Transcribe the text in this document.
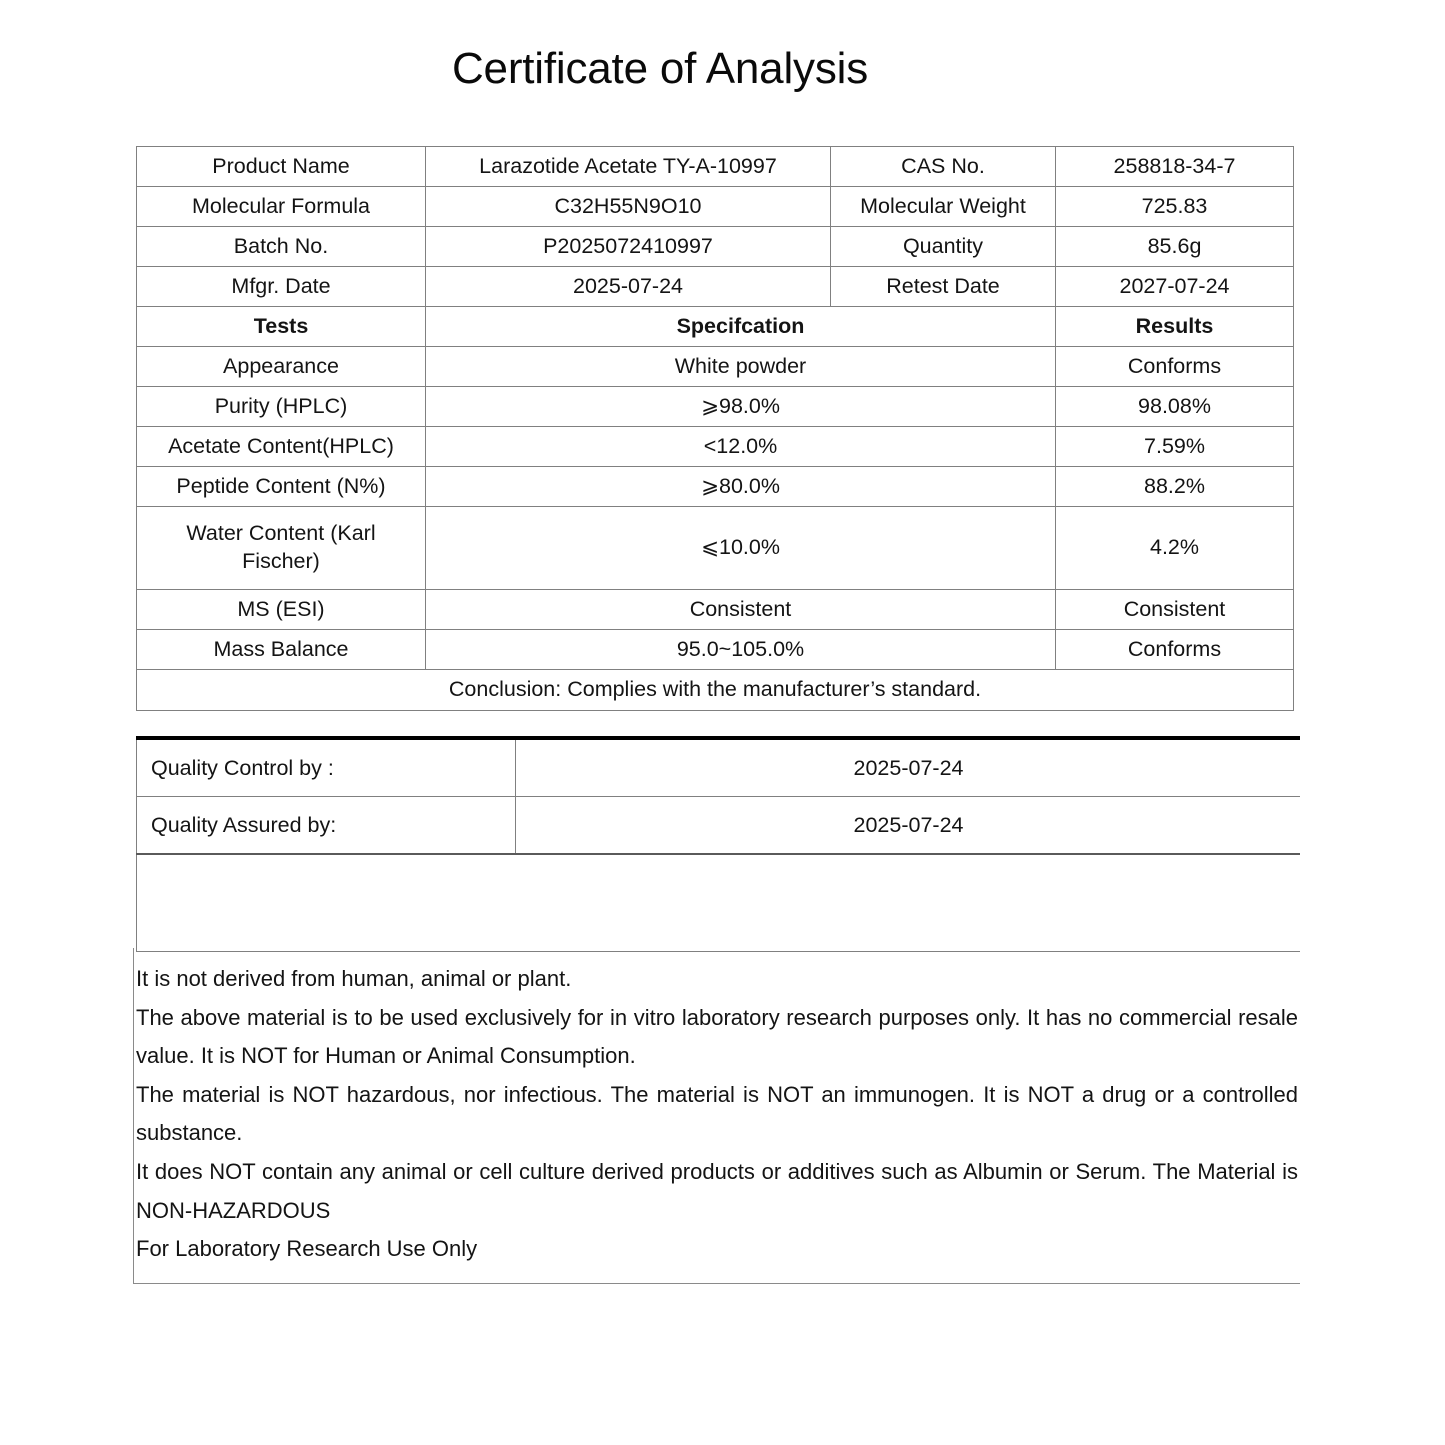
Certificate of Analysis
Product Name	Larazotide Acetate TY-A-10997	CAS No.	258818-34-7
Molecular Formula	C32H55N9O10	Molecular Weight	725.83
Batch No.	P2025072410997	Quantity	85.6g
Mfgr. Date	2025-07-24	Retest Date	2027-07-24
Tests	Specifcation		Results
Appearance	White powder		Conforms
Purity (HPLC)	⩾98.0%		98.08%
Acetate Content(HPLC)	<12.0%		7.59%
Peptide Content (N%)	⩾80.0%		88.2%
Water Content (Karl Fischer)	⩽10.0%		4.2%
MS (ESI)	Consistent		Consistent
Mass Balance	95.0~105.0%		Conforms
Conclusion: Complies with the manufacturer’s standard.			
Quality Control by :	2025-07-24
Quality Assured by:	2025-07-24

It is not derived from human, animal or plant.

The above material is to be used exclusively for in vitro laboratory research purposes only. It has no commercial resale value. It is NOT for Human or Animal Consumption.

The material is NOT hazardous, nor infectious. The material is NOT an immunogen. It is NOT a drug or a controlled substance.

It does NOT contain any animal or cell culture derived products or additives such as Albumin or Serum. The Material is NON-HAZARDOUS

For Laboratory Research Use Only
